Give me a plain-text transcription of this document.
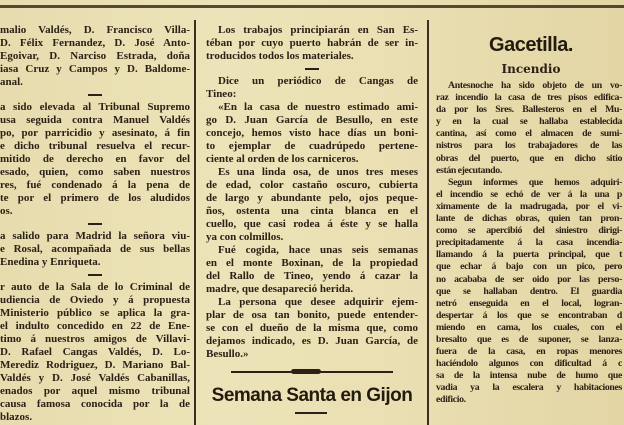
malio Valdés, D. Francisco Villa-
D. Félix Fernandez, D. José Anto-
Egoivar, D. Narciso Estrada, doña
iasa Cruz y Campos y D. Baldome-
anal.
a sido elevada al Tribunal Supremo
usa seguida contra Manuel Valdés
po, por parricidio y asesinato, á fin
e dicho tribunal resuelva el recur-
mitido de derecho en favor del
esado, quien, como saben nuestros
res, fué condenado á la pena de
te por el primero de los aludidos
os.
a salido para Madrid la señora viu-
e Rosal, acompañada de sus bellas
Enedina y Enriqueta.
r auto de la Sala de lo Criminal de
udiencia de Oviedo y á propuesta
Ministerio público se aplica la gra-
el indulto concedido en 22 de Ene-
timo á nuestros amigos de Villavi-
D. Rafael Cangas Valdés, D. Lo-
Merediz Rodriguez, D. Mariano Bal-
Valdés y D. José Valdés Cabanillas,
enados por aquel mismo tribunal
causa famosa conocida por la de
blazos.
Los trabajos principiarán en San Es-
téban por cuyo puerto habrán de ser in-
troducidos todos los materiales.
Dice un periódico de Cangas de
Tineo:
«En la casa de nuestro estimado ami-
go D. Juan García de Besullo, en este
concejo, hemos visto hace días un boni-
to ejemplar de cuadrúpedo pertene-
ciente al orden de los carniceros.
Es una linda osa, de unos tres meses
de edad, color castaño oscuro, cubierta
de largo y abundante pelo, ojos peque-
ños, ostenta una cinta blanca en el
cuello, que casi rodea á éste y se halla
ya con colmillos.
Fué cogida, hace unas seis semanas
en el monte Boxinan, de la propiedad
del Rallo de Tineo, yendo á cazar la
madre, que desapareció herida.
La persona que desee adquirir ejem-
plar de osa tan bonito, puede entender-
se con el dueño de la misma que, como
dejamos indicado, es D. Juan García, de
Besullo.»
Semana Santa en Gijon
Gacetilla.
Incendio
Antesnoche ha sido objeto de un vo-
raz incendio la casa de tres pisos edifica-
da por los Sres. Ballesteros en el Mu-
y en la cual se hallaba establecida
cantina, así como el almacen de sumi-
nistros para los trabajadores de las
obras del puerto, que en dicho sitio
están ejecutando.
Segun informes que hemos adquiri-
el incendio se echó de ver á la una p
ximamente de la madrugada, por el vi-
lante de dichas obras, quien tan pron-
como se apercibió del siniestro dirigi-
precipitadamente á la casa incendia-
llamando á la puerta principal, que t
que echar á bajo con un pico, pero
no acababa de ser oido por las perso-
que se hallaban dentro. El guardia
netró enseguida en el local, logran-
despertar á los que se encontraban d
miendo en cama, los cuales, con el
bresalto que es de suponer, se lanza-
fuera de la casa, en ropas menores
haciéndolo algunos con dificultad á c
sa de la intensa nube de humo que
vadia ya la escalera y habitaciones
edificio.
